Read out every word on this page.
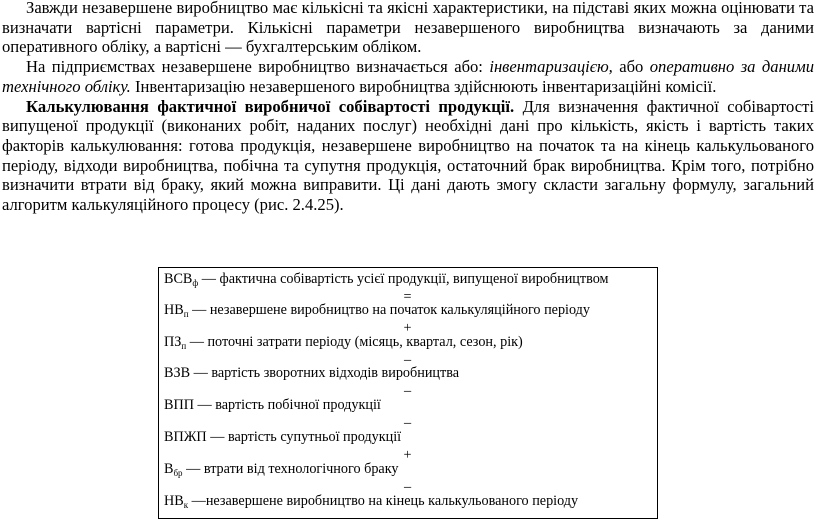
Завжди незавершене виробництво має кількісні та якісні характеристики, на підставі яких можна оцінювати та визначати вартісні параметри. Кількісні параметри незавершеного виробництва визначають за даними оперативного обліку, а вартісні — бухгалтерським обліком.

На підприємствах незавершене виробництво визначається або: інвентаризацією, або оперативно за даними технічного обліку. Інвентаризацію незавершеного виробництва здійснюють інвентаризаційні комісії.

Калькулювання фактичної виробничої собівартості продукції. Для визначення фактичної собівартості випущеної продукції (виконаних робіт, наданих послуг) необхідні дані про кількість, якість і вартість таких факторів калькулювання: готова продукція, незавершене виробництво на початок та на кінець калькульованого періоду, відходи виробництва, побічна та супутня продукція, остаточний брак виробництва. Крім того, потрібно визначити втрати від браку, який можна виправити. Ці дані дають змогу скласти загальну формулу, загальний алгоритм калькуляційного процесу (рис. 2.4.25).

$ВСВ_ф$ — фактична собівартість усієї продукції, випущеної виробництвом
=
$НВ_п$ — незавершене виробництво на початок калькуляційного періоду
+
$ПЗ_п$ — поточні затрати періоду (місяць, квартал, сезон, рік)
–
ВЗВ — вартість зворотних відходів виробництва
–
ВПП — вартість побічної продукції
–
ВПЖП — вартість супутньої продукції
+
$В_{бр}$ — втрати від технологічного браку
–
$НВ_к$ —незавершене виробництво на кінець калькульованого періоду
